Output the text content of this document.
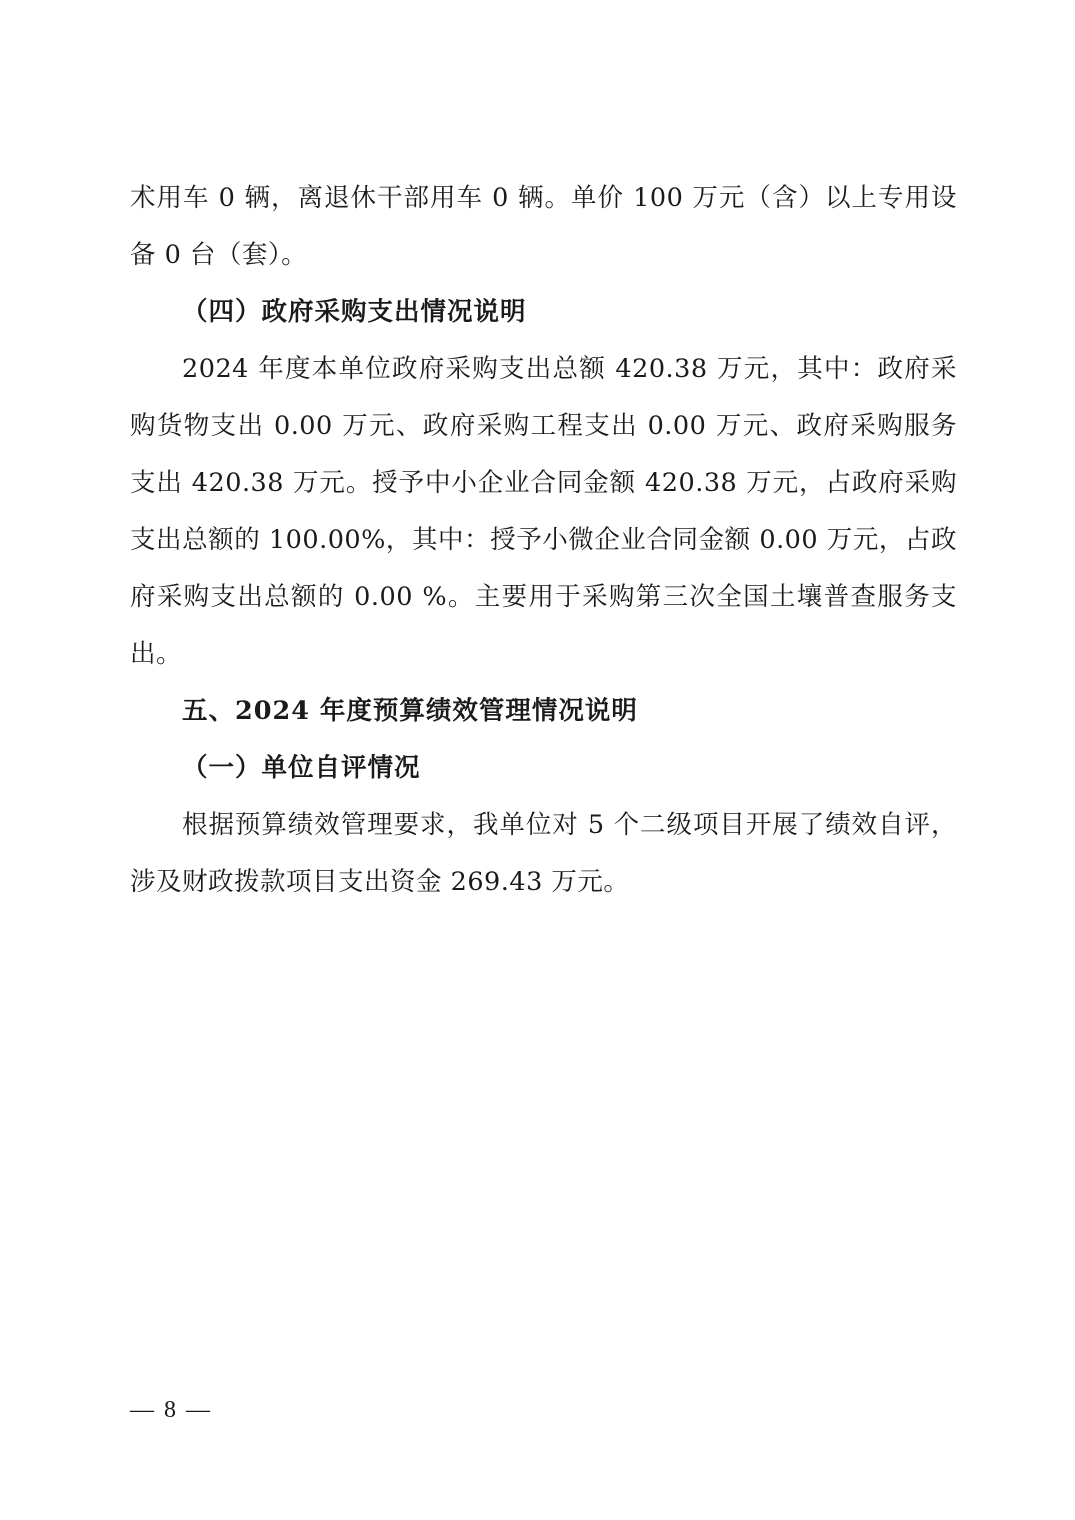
术用车 0 辆，离退休干部用车 0 辆。单价 100 万元（含）以上专用设备 0 台（套）。

（四）政府采购支出情况说明

2024 年度本单位政府采购支出总额 420.38 万元，其中：政府采购货物支出 0.00 万元、政府采购工程支出 0.00 万元、政府采购服务支出 420.38 万元。授予中小企业合同金额 420.38 万元，占政府采购支出总额的 100.00%，其中：授予小微企业合同金额 0.00 万元，占政府采购支出总额的 0.00 %。主要用于采购第三次全国土壤普查服务支出。

五、2024 年度预算绩效管理情况说明

（一）单位自评情况

根据预算绩效管理要求，我单位对 5 个二级项目开展了绩效自评，涉及财政拨款项目支出资金 269.43 万元。

— 8 —
